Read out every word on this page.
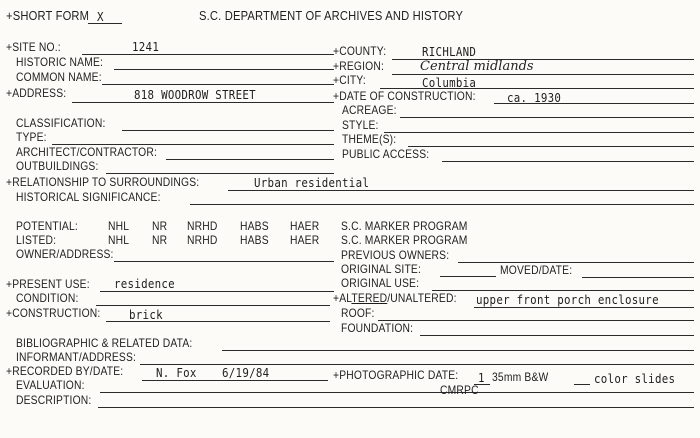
+SHORT FORM X	S.C. DEPARTMENT OF ARCHIVES AND HISTORY
+SITE NO.:	1241
HISTORIC NAME:
COMMON NAME:
+ADDRESS:	818 WOODROW STREET
CLASSIFICATION:
TYPE:
ARCHITECT/CONTRACTOR:
OUTBUILDINGS:
+RELATIONSHIP TO SURROUNDINGS:	Urban residential
HISTORICAL SIGNIFICANCE:
POTENTIAL:	NHL NR NRHD HABS HAER S.C. MARKER PROGRAM
LISTED:	NHL NR NRHD HABS HAER S.C. MARKER PROGRAM
OWNER/ADDRESS:
+PRESENT USE: residence
CONDITION:
+CONSTRUCTION: brick
BIBLIOGRAPHIC & RELATED DATA:
INFORMANT/ADDRESS:
+RECORDED BY/DATE:	N. Fox 6/19/84
EVALUATION:
DESCRIPTION:
+COUNTY:	RICHLAND
+REGION:	Central midlands
+CITY:	Columbia
+DATE OF CONSTRUCTION:	ca. 1930
ACREAGE:
STYLE:
THEME(S):
PUBLIC ACCESS:
PREVIOUS OWNERS:
ORIGINAL SITE:	MOVED/DATE:
ORIGINAL USE:
+ALTERED/UNALTERED: upper front porch enclosure
ROOF:
FOUNDATION:
+PHOTOGRAPHIC DATE: 1 35mm B&W	color slides
CMRPC
